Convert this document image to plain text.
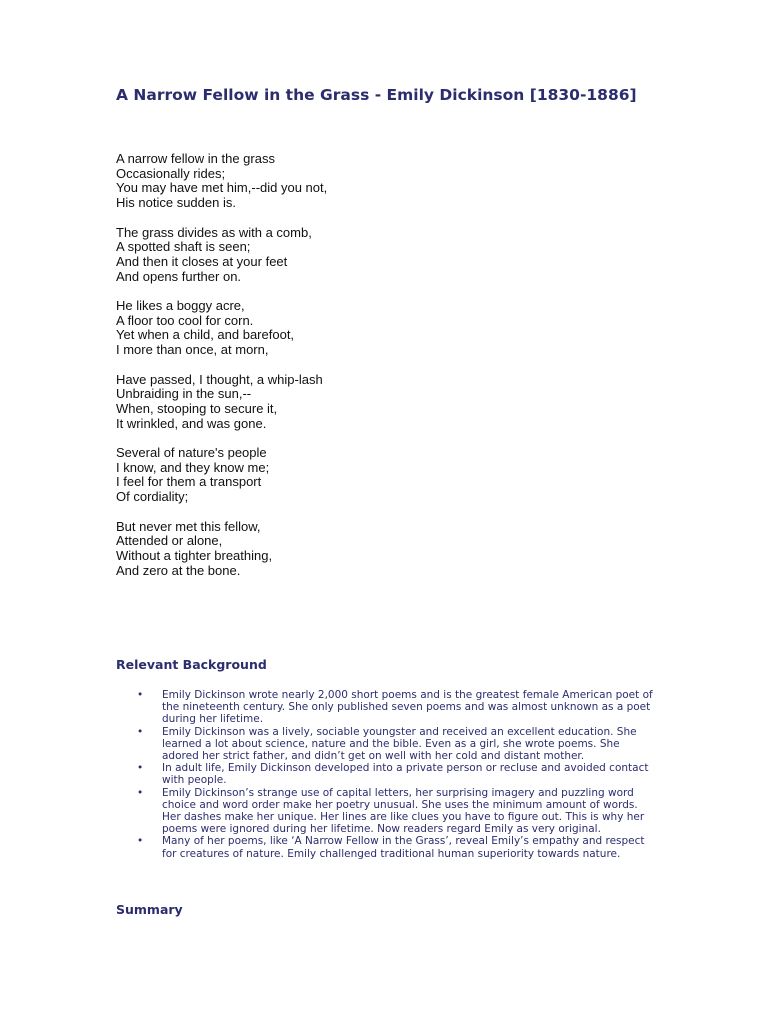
A Narrow Fellow in the Grass - Emily Dickinson [1830-1886]
A narrow fellow in the grass
Occasionally rides;
You may have met him,--did you not,
His notice sudden is.
The grass divides as with a comb,
A spotted shaft is seen;
And then it closes at your feet
And opens further on.
He likes a boggy acre,
A floor too cool for corn.
Yet when a child, and barefoot,
I more than once, at morn,
Have passed, I thought, a whip-lash
Unbraiding in the sun,--
When, stooping to secure it,
It wrinkled, and was gone.
Several of nature's people
I know, and they know me;
I feel for them a transport
Of cordiality;
But never met this fellow,
Attended or alone,
Without a tighter breathing,
And zero at the bone.
Relevant Background
•	Emily Dickinson wrote nearly 2,000 short poems and is the greatest female American poet of the nineteenth century. She only published seven poems and was almost unknown as a poet during her lifetime.
•	Emily Dickinson was a lively, sociable youngster and received an excellent education. She learned a lot about science, nature and the bible. Even as a girl, she wrote poems. She adored her strict father, and didn’t get on well with her cold and distant mother.
•	In adult life, Emily Dickinson developed into a private person or recluse and avoided contact with people.
•	Emily Dickinson’s strange use of capital letters, her surprising imagery and puzzling word choice and word order make her poetry unusual. She uses the minimum amount of words. Her dashes make her unique. Her lines are like clues you have to figure out. This is why her poems were ignored during her lifetime. Now readers regard Emily as very original.
•	Many of her poems, like ‘A Narrow Fellow in the Grass’, reveal Emily’s empathy and respect for creatures of nature. Emily challenged traditional human superiority towards nature.
Summary
